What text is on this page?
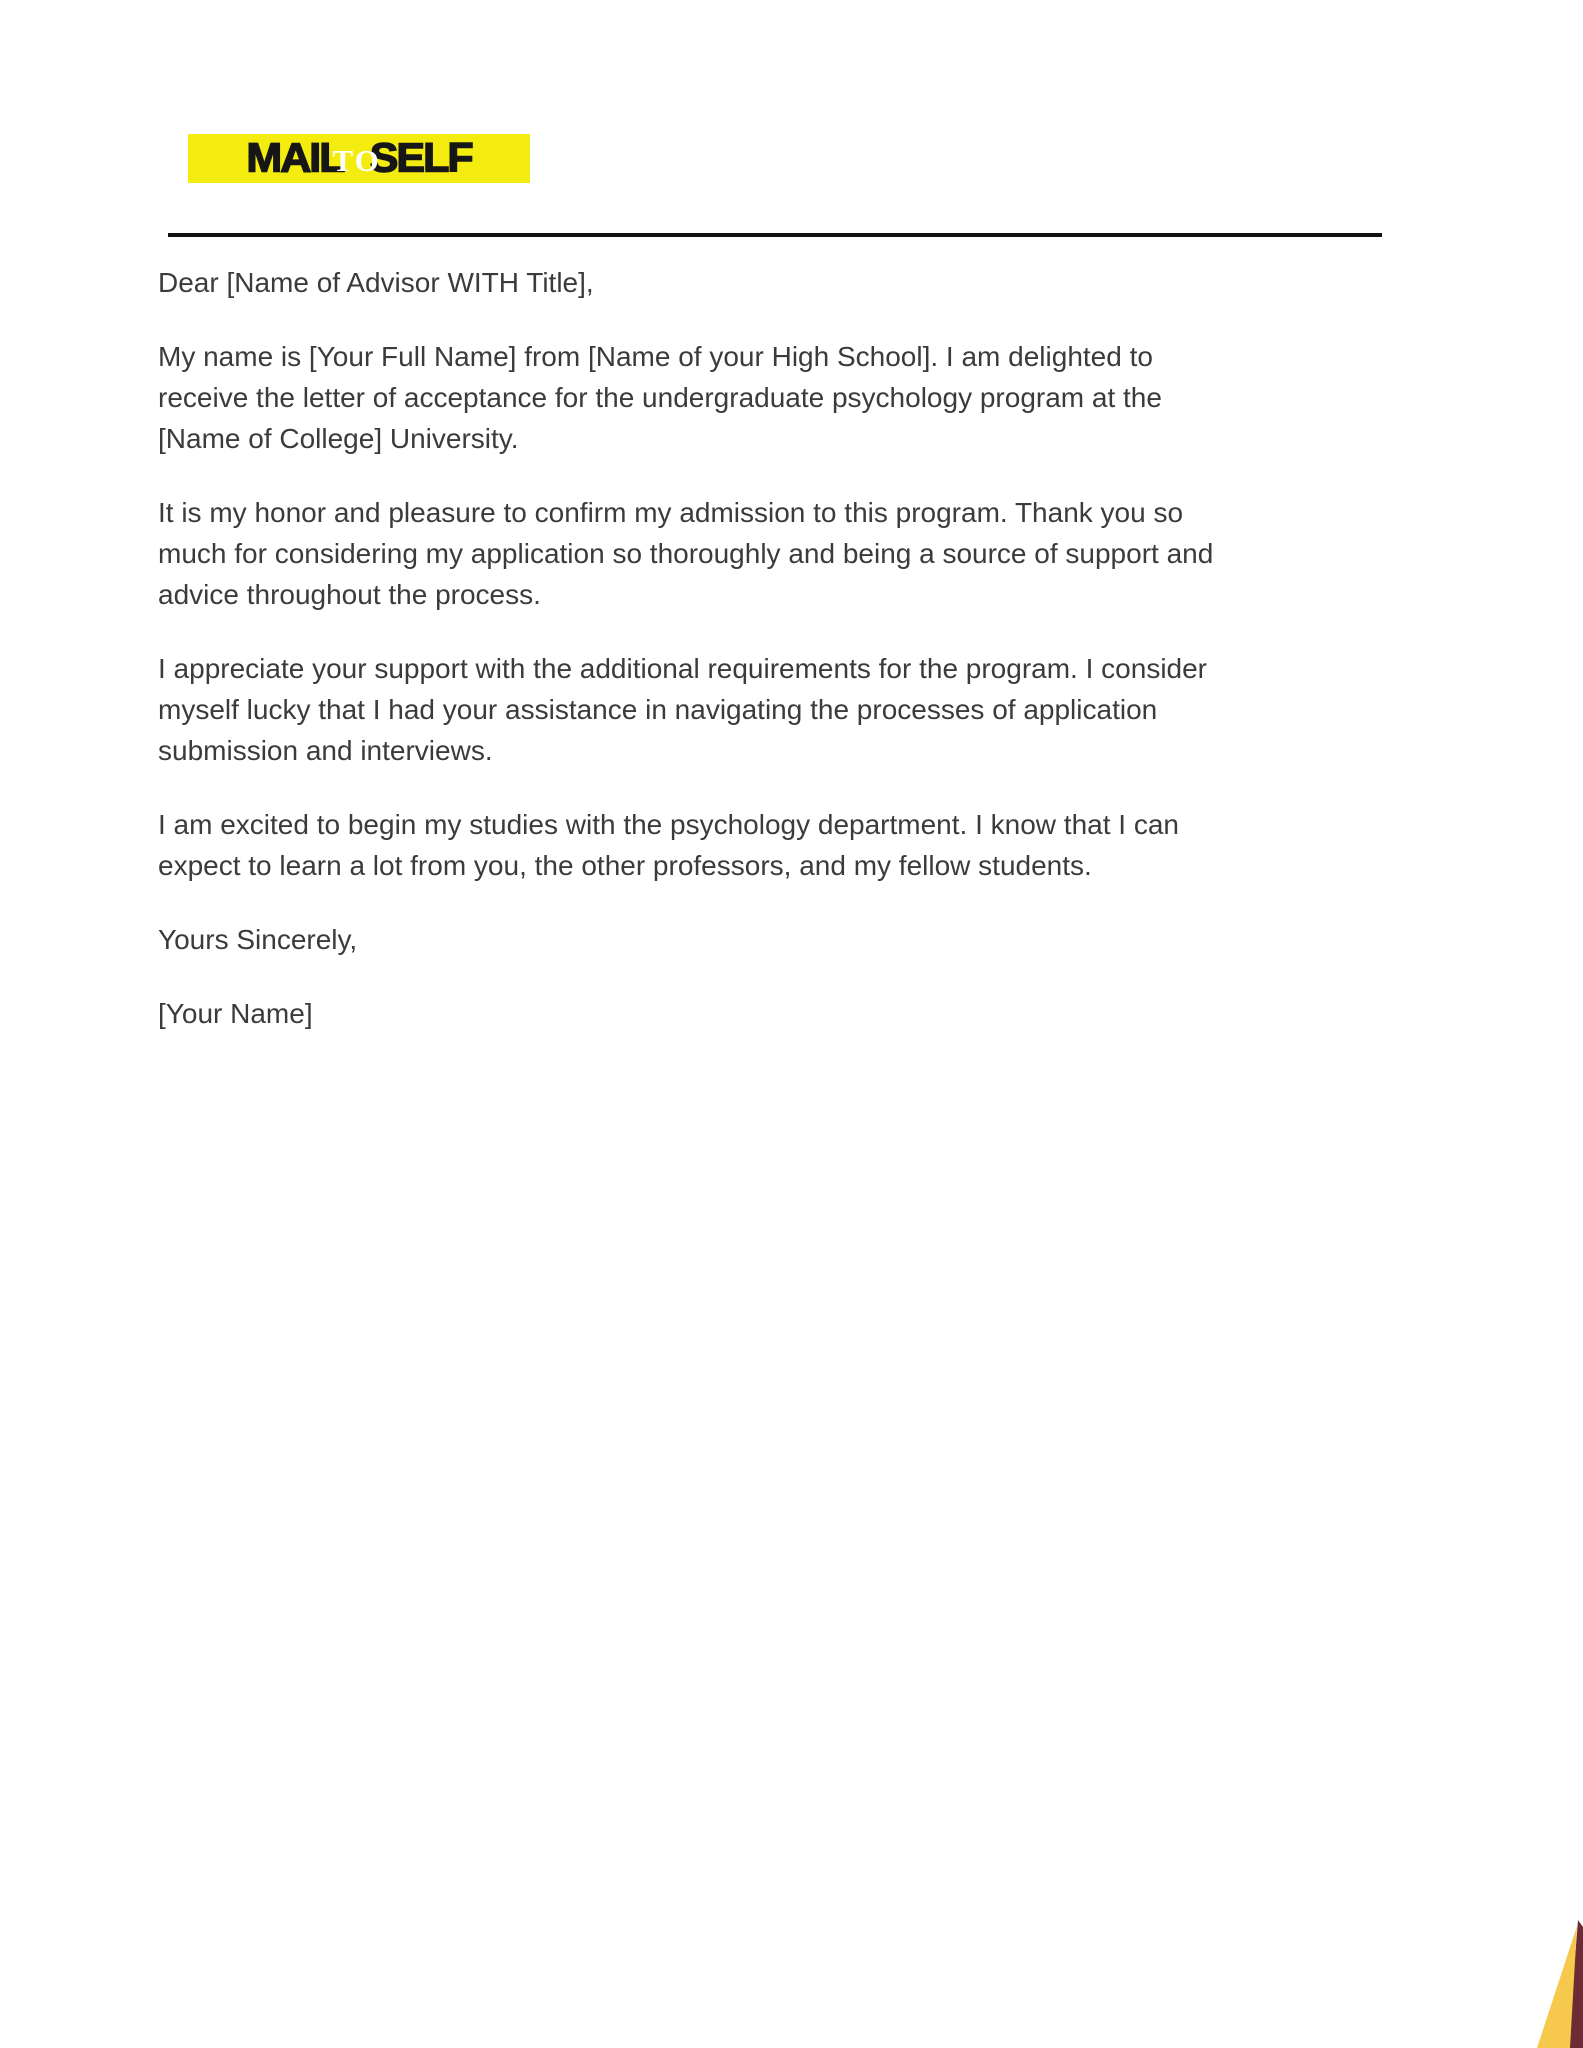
MAIL
TO
SELF

Dear [Name of Advisor WITH Title],

My name is [Your Full Name] from [Name of your High School]. I am delighted to
receive the letter of acceptance for the undergraduate psychology program at the
[Name of College] University.

It is my honor and pleasure to confirm my admission to this program. Thank you so
much for considering my application so thoroughly and being a source of support and
advice throughout the process.

I appreciate your support with the additional requirements for the program. I consider
myself lucky that I had your assistance in navigating the processes of application
submission and interviews.

I am excited to begin my studies with the psychology department. I know that I can
expect to learn a lot from you, the other professors, and my fellow students.

Yours Sincerely,

[Your Name]
